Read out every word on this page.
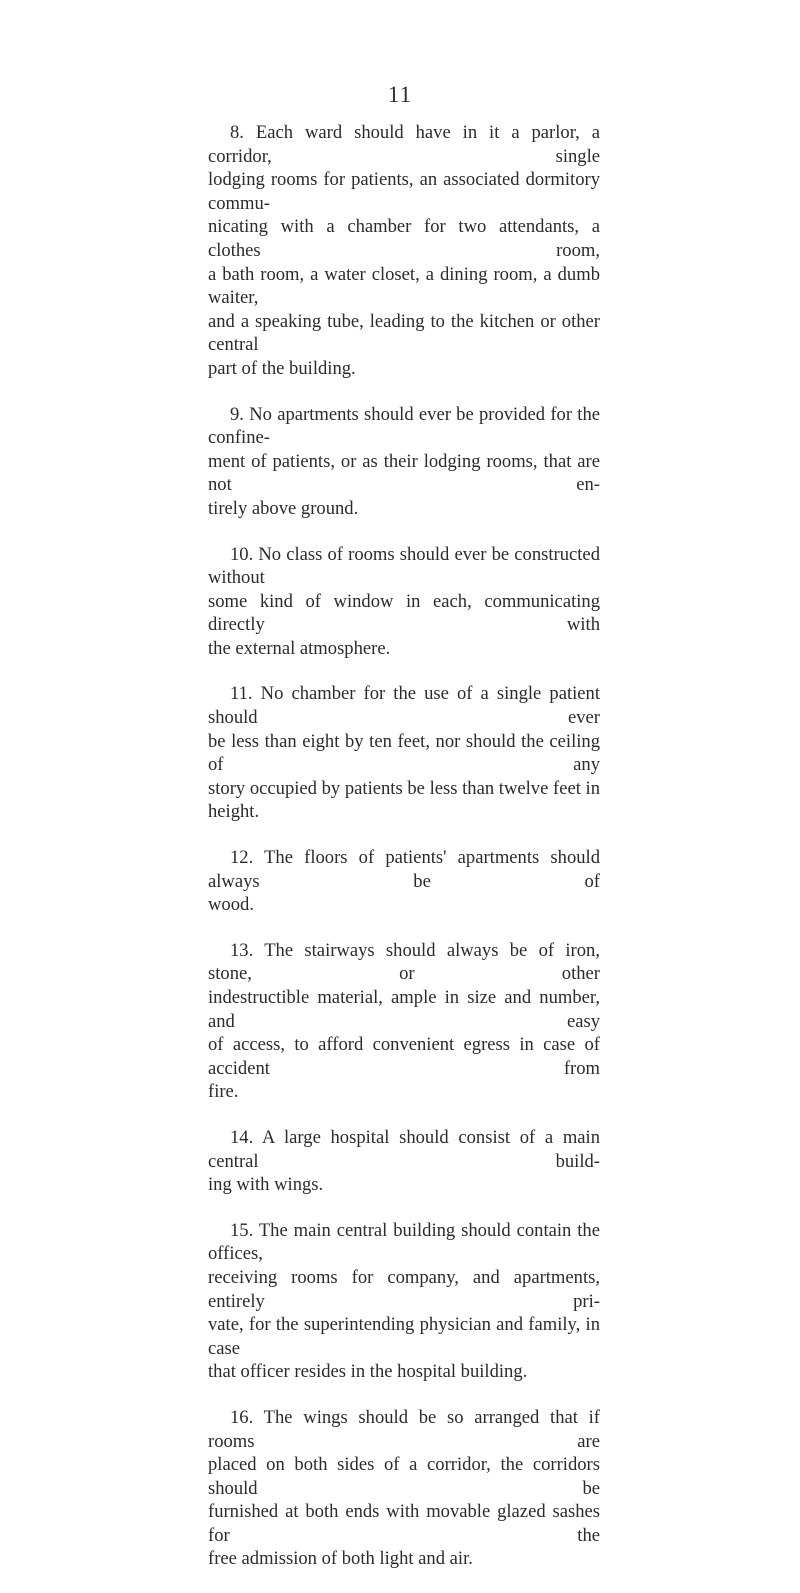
11

8. Each ward should have in it a parlor, a corridor, single
lodging rooms for patients, an associated dormitory commu-
nicating with a chamber for two attendants, a clothes room,
a bath room, a water closet, a dining room, a dumb waiter,
and a speaking tube, leading to the kitchen or other central
part of the building.

9. No apartments should ever be provided for the confine-
ment of patients, or as their lodging rooms, that are not en-
tirely above ground.

10. No class of rooms should ever be constructed without
some kind of window in each, communicating directly with
the external atmosphere.

11. No chamber for the use of a single patient should ever
be less than eight by ten feet, nor should the ceiling of any
story occupied by patients be less than twelve feet in height.

12. The floors of patients' apartments should always be of
wood.

13. The stairways should always be of iron, stone, or other
indestructible material, ample in size and number, and easy
of access, to afford convenient egress in case of accident from
fire.

14. A large hospital should consist of a main central build-
ing with wings.

15. The main central building should contain the offices,
receiving rooms for company, and apartments, entirely pri-
vate, for the superintending physician and family, in case
that officer resides in the hospital building.

16. The wings should be so arranged that if rooms are
placed on both sides of a corridor, the corridors should be
furnished at both ends with movable glazed sashes for the
free admission of both light and air.
